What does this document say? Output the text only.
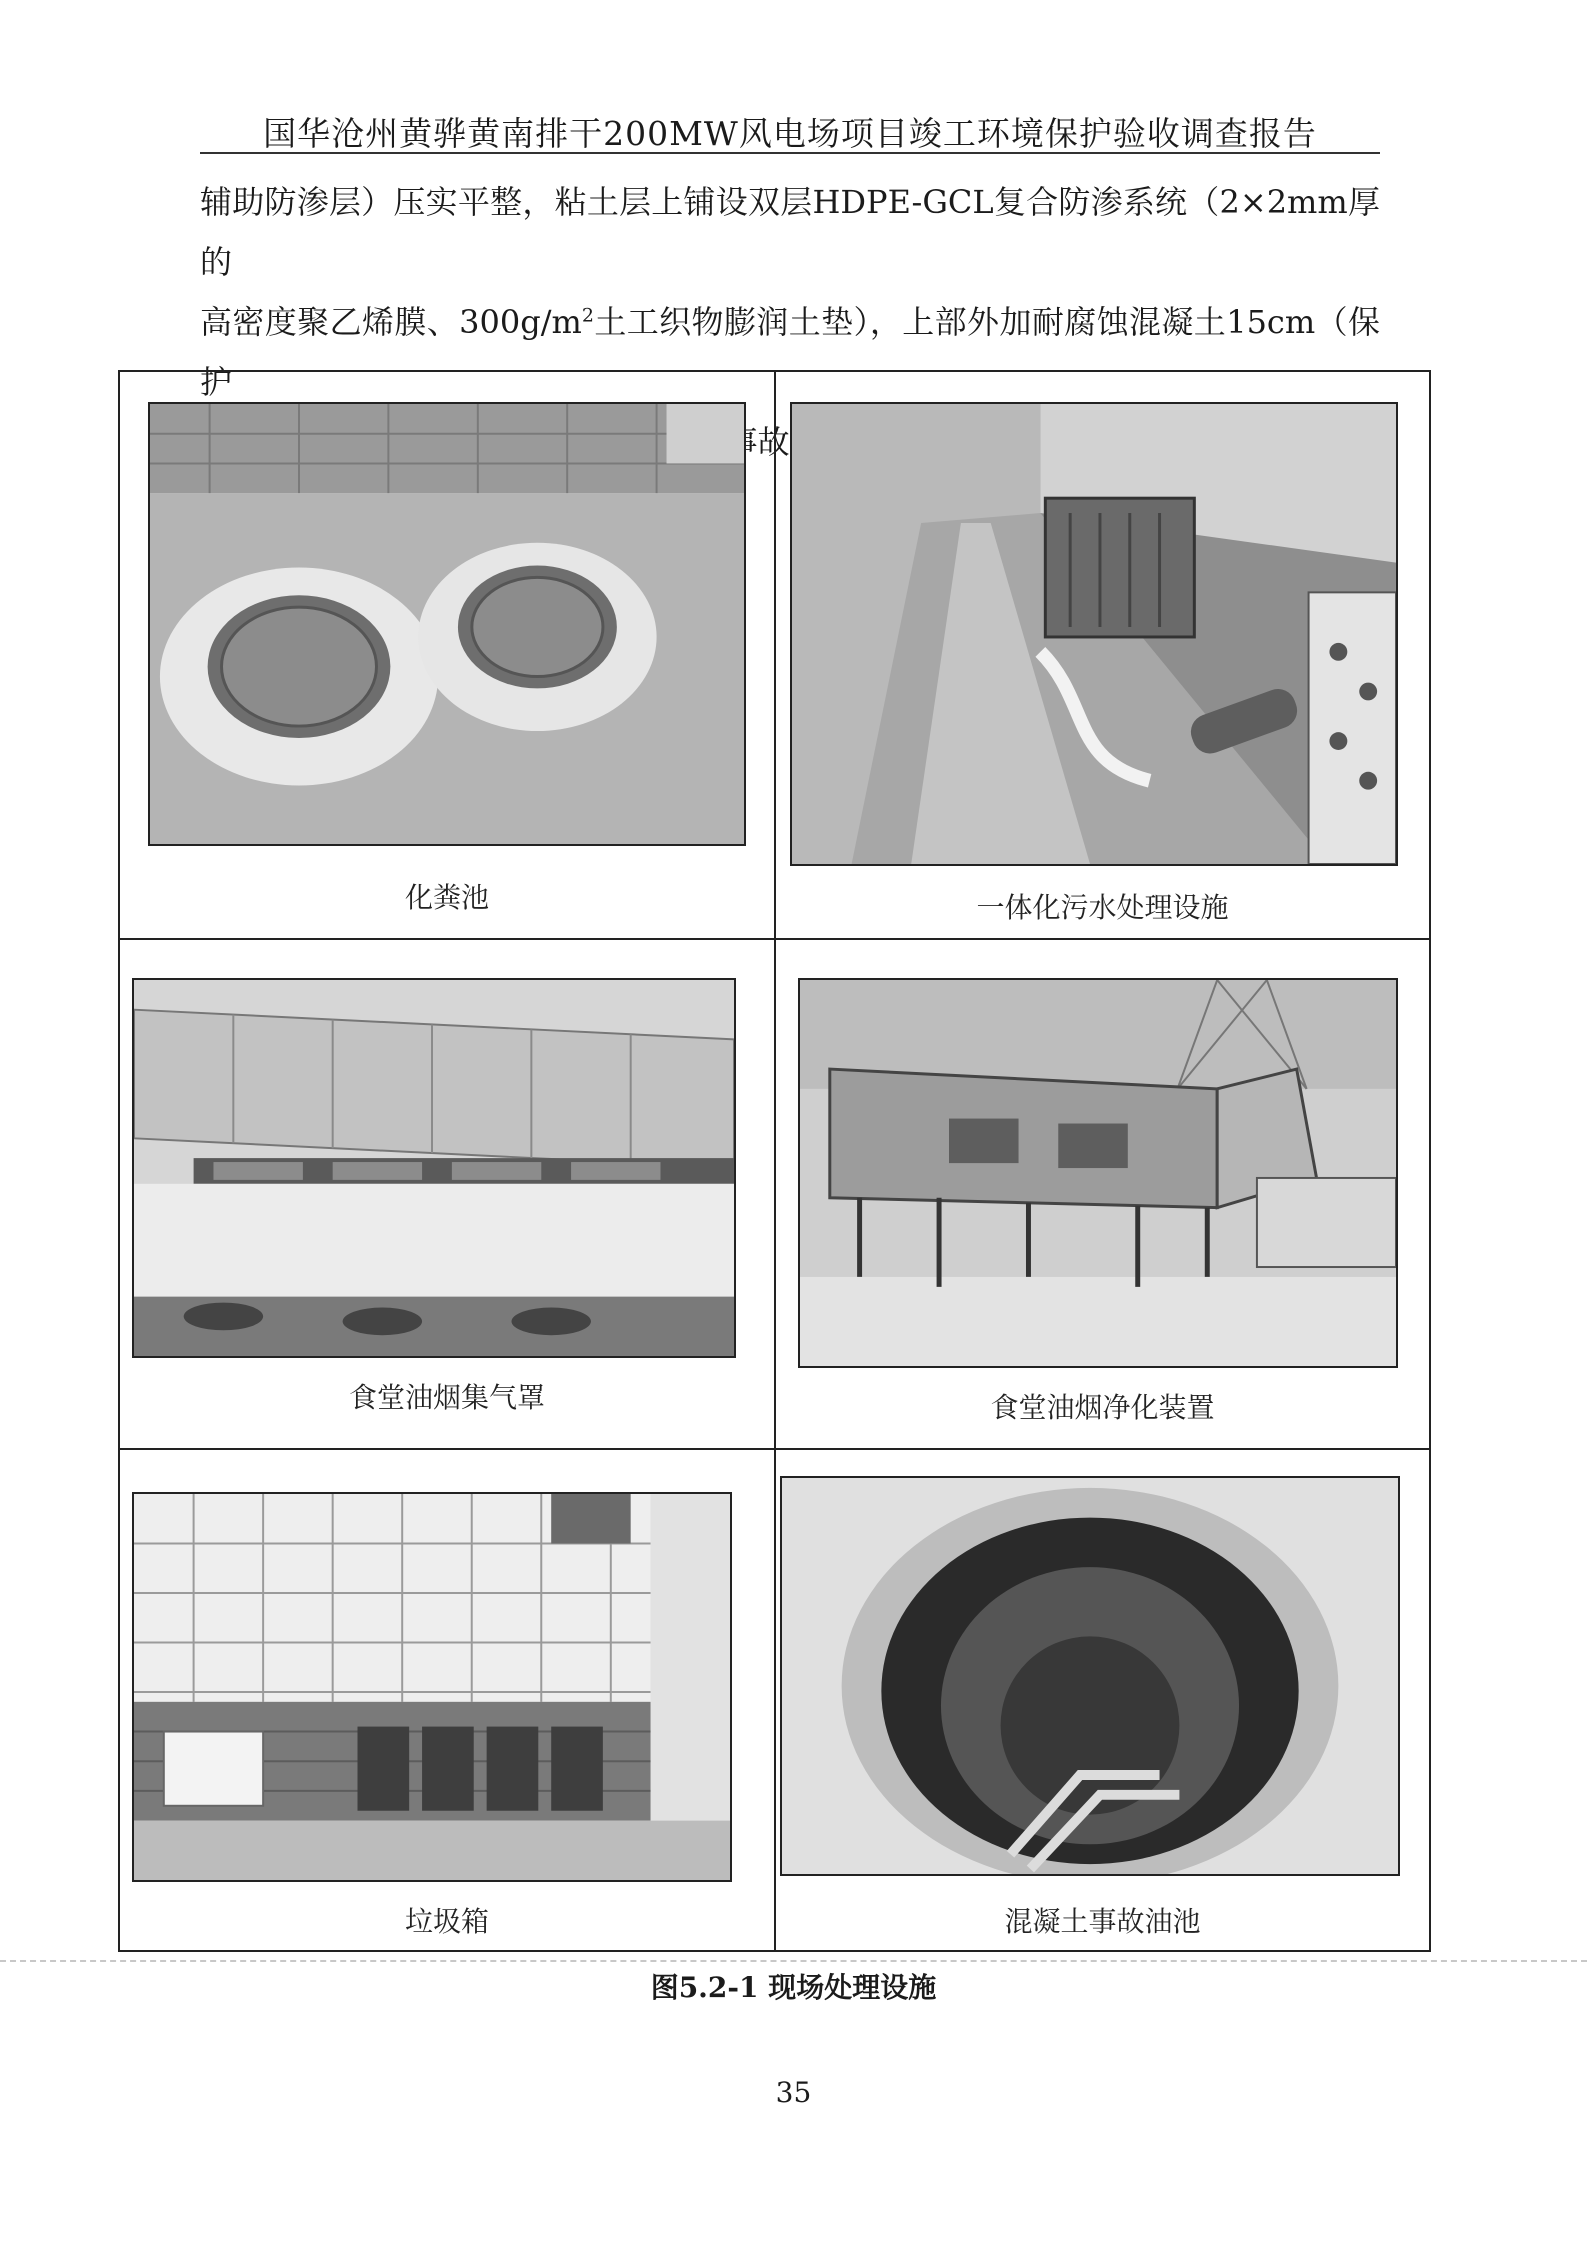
国华沧州黄骅黄南排干200MW风电场项目竣工环境保护验收调查报告
辅助防渗层）压实平整，粘土层上铺设双层HDPE-GCL复合防渗系统（2×2mm厚的
高密度聚乙烯膜、$300g/m^2$土工织物膨润土垫），上部外加耐腐蚀混凝土15cm（保护
化粪池	一体化污水处理设施
食堂油烟集气罩	食堂油烟净化装置
垃圾箱	混凝土事故油池
图5.2-1 现场处理设施
35
